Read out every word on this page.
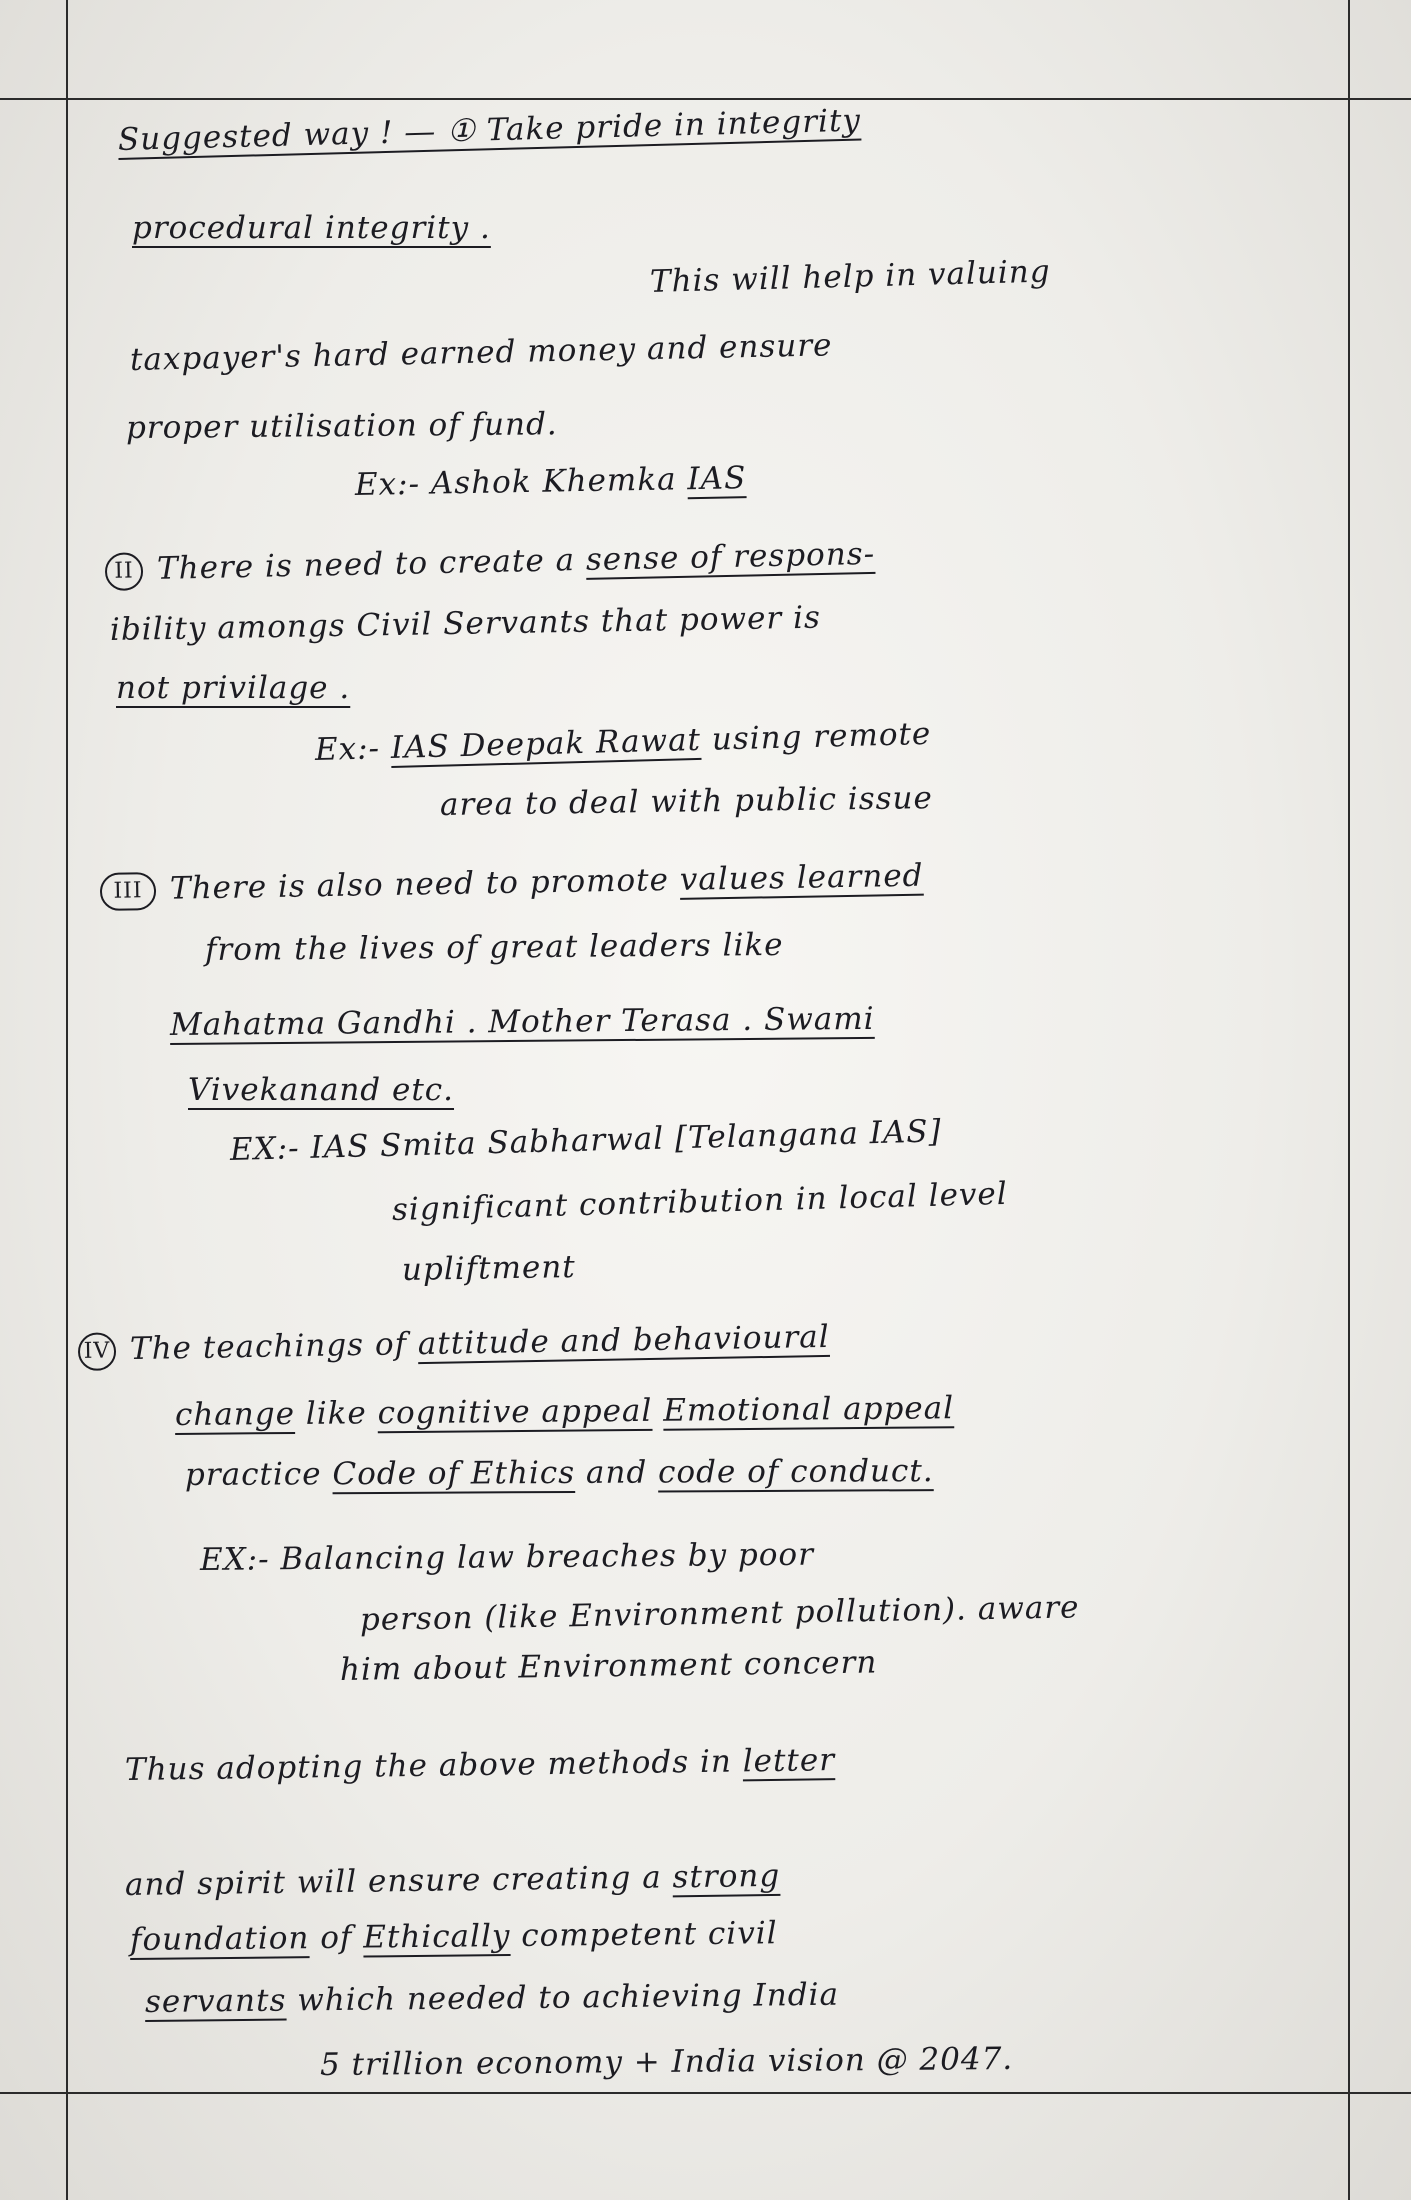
Suggested way ! — ① Take pride in integrity
procedural integrity .
This will help in valuing
taxpayer's hard earned money and ensure
proper utilisation of fund.
Ex:- Ashok Khemka IAS
II There is need to create a sense of respons-
ibility amongs Civil Servants that power is
not privilage .
Ex:- IAS Deepak Rawat using remote
area to deal with public issue
III There is also need to promote values learned
from the lives of great leaders like
Mahatma Gandhi . Mother Terasa . Swami
Vivekanand etc.
EX:- IAS Smita Sabharwal [Telangana IAS]
significant contribution in local level
upliftment
IV The teachings of attitude and behavioural
change like cognitive appeal Emotional appeal
practice Code of Ethics and code of conduct.
EX:- Balancing law breaches by poor
person (like Environment pollution). aware
him about Environment concern
Thus adopting the above methods in letter
and spirit will ensure creating a strong
foundation of Ethically competent civil
servants which needed to achieving India
5 trillion economy + India vision @ 2047.
